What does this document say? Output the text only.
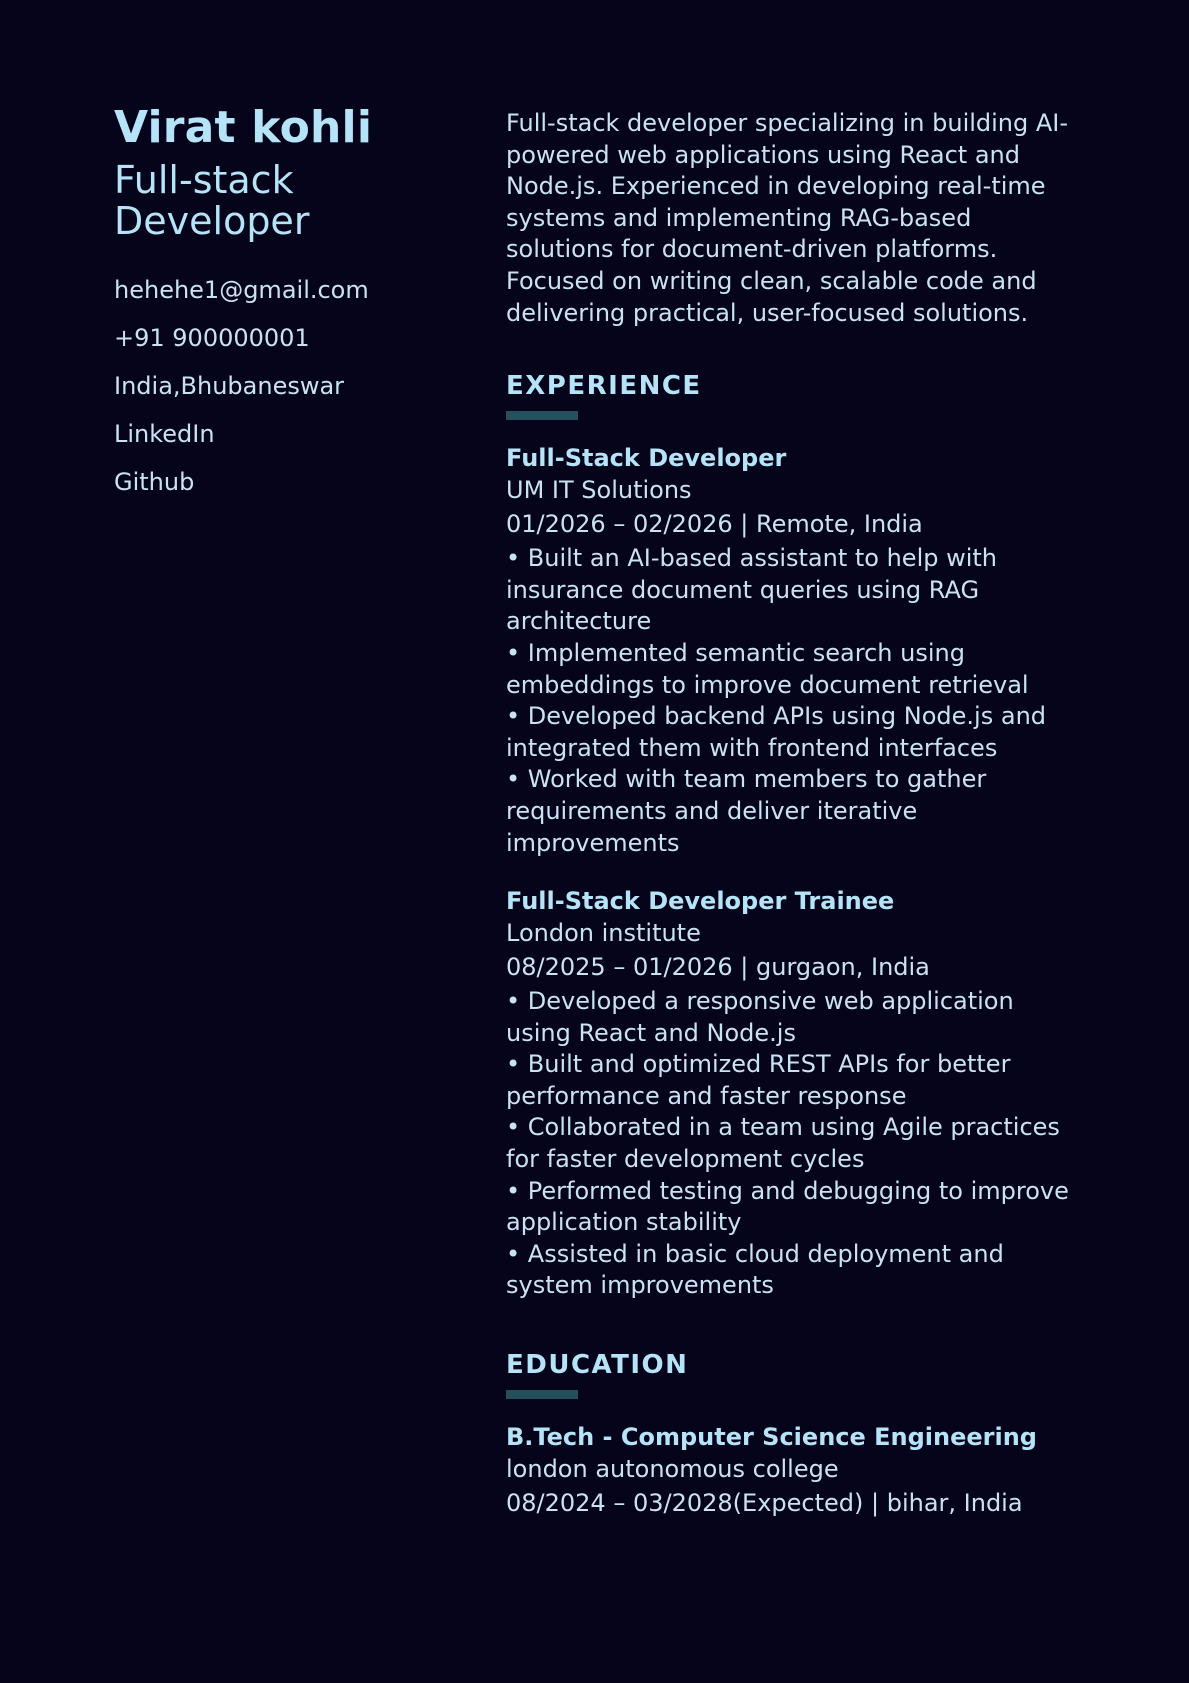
Virat kohli
Full-stack Developer
hehehe1@gmail.com
+91 900000001
India,Bhubaneswar
LinkedIn
Github

Full-stack developer specializing in building AI-powered web applications using React and Node.js. Experienced in developing real-time systems and implementing RAG-based solutions for document-driven platforms. Focused on writing clean, scalable code and delivering practical, user-focused solutions.

EXPERIENCE
Full-Stack Developer
UM IT Solutions
01/2026 – 02/2026 | Remote, India
• Built an AI-based assistant to help with insurance document queries using RAG architecture
• Implemented semantic search using embeddings to improve document retrieval
• Developed backend APIs using Node.js and integrated them with frontend interfaces
• Worked with team members to gather requirements and deliver iterative improvements
Full-Stack Developer Trainee
London institute
08/2025 – 01/2026 | gurgaon, India
• Developed a responsive web application using React and Node.js
• Built and optimized REST APIs for better performance and faster response
• Collaborated in a team using Agile practices for faster development cycles
• Performed testing and debugging to improve application stability
• Assisted in basic cloud deployment and system improvements
EDUCATION
B.Tech - Computer Science Engineering
london autonomous college
08/2024 – 03/2028(Expected) | bihar, India
